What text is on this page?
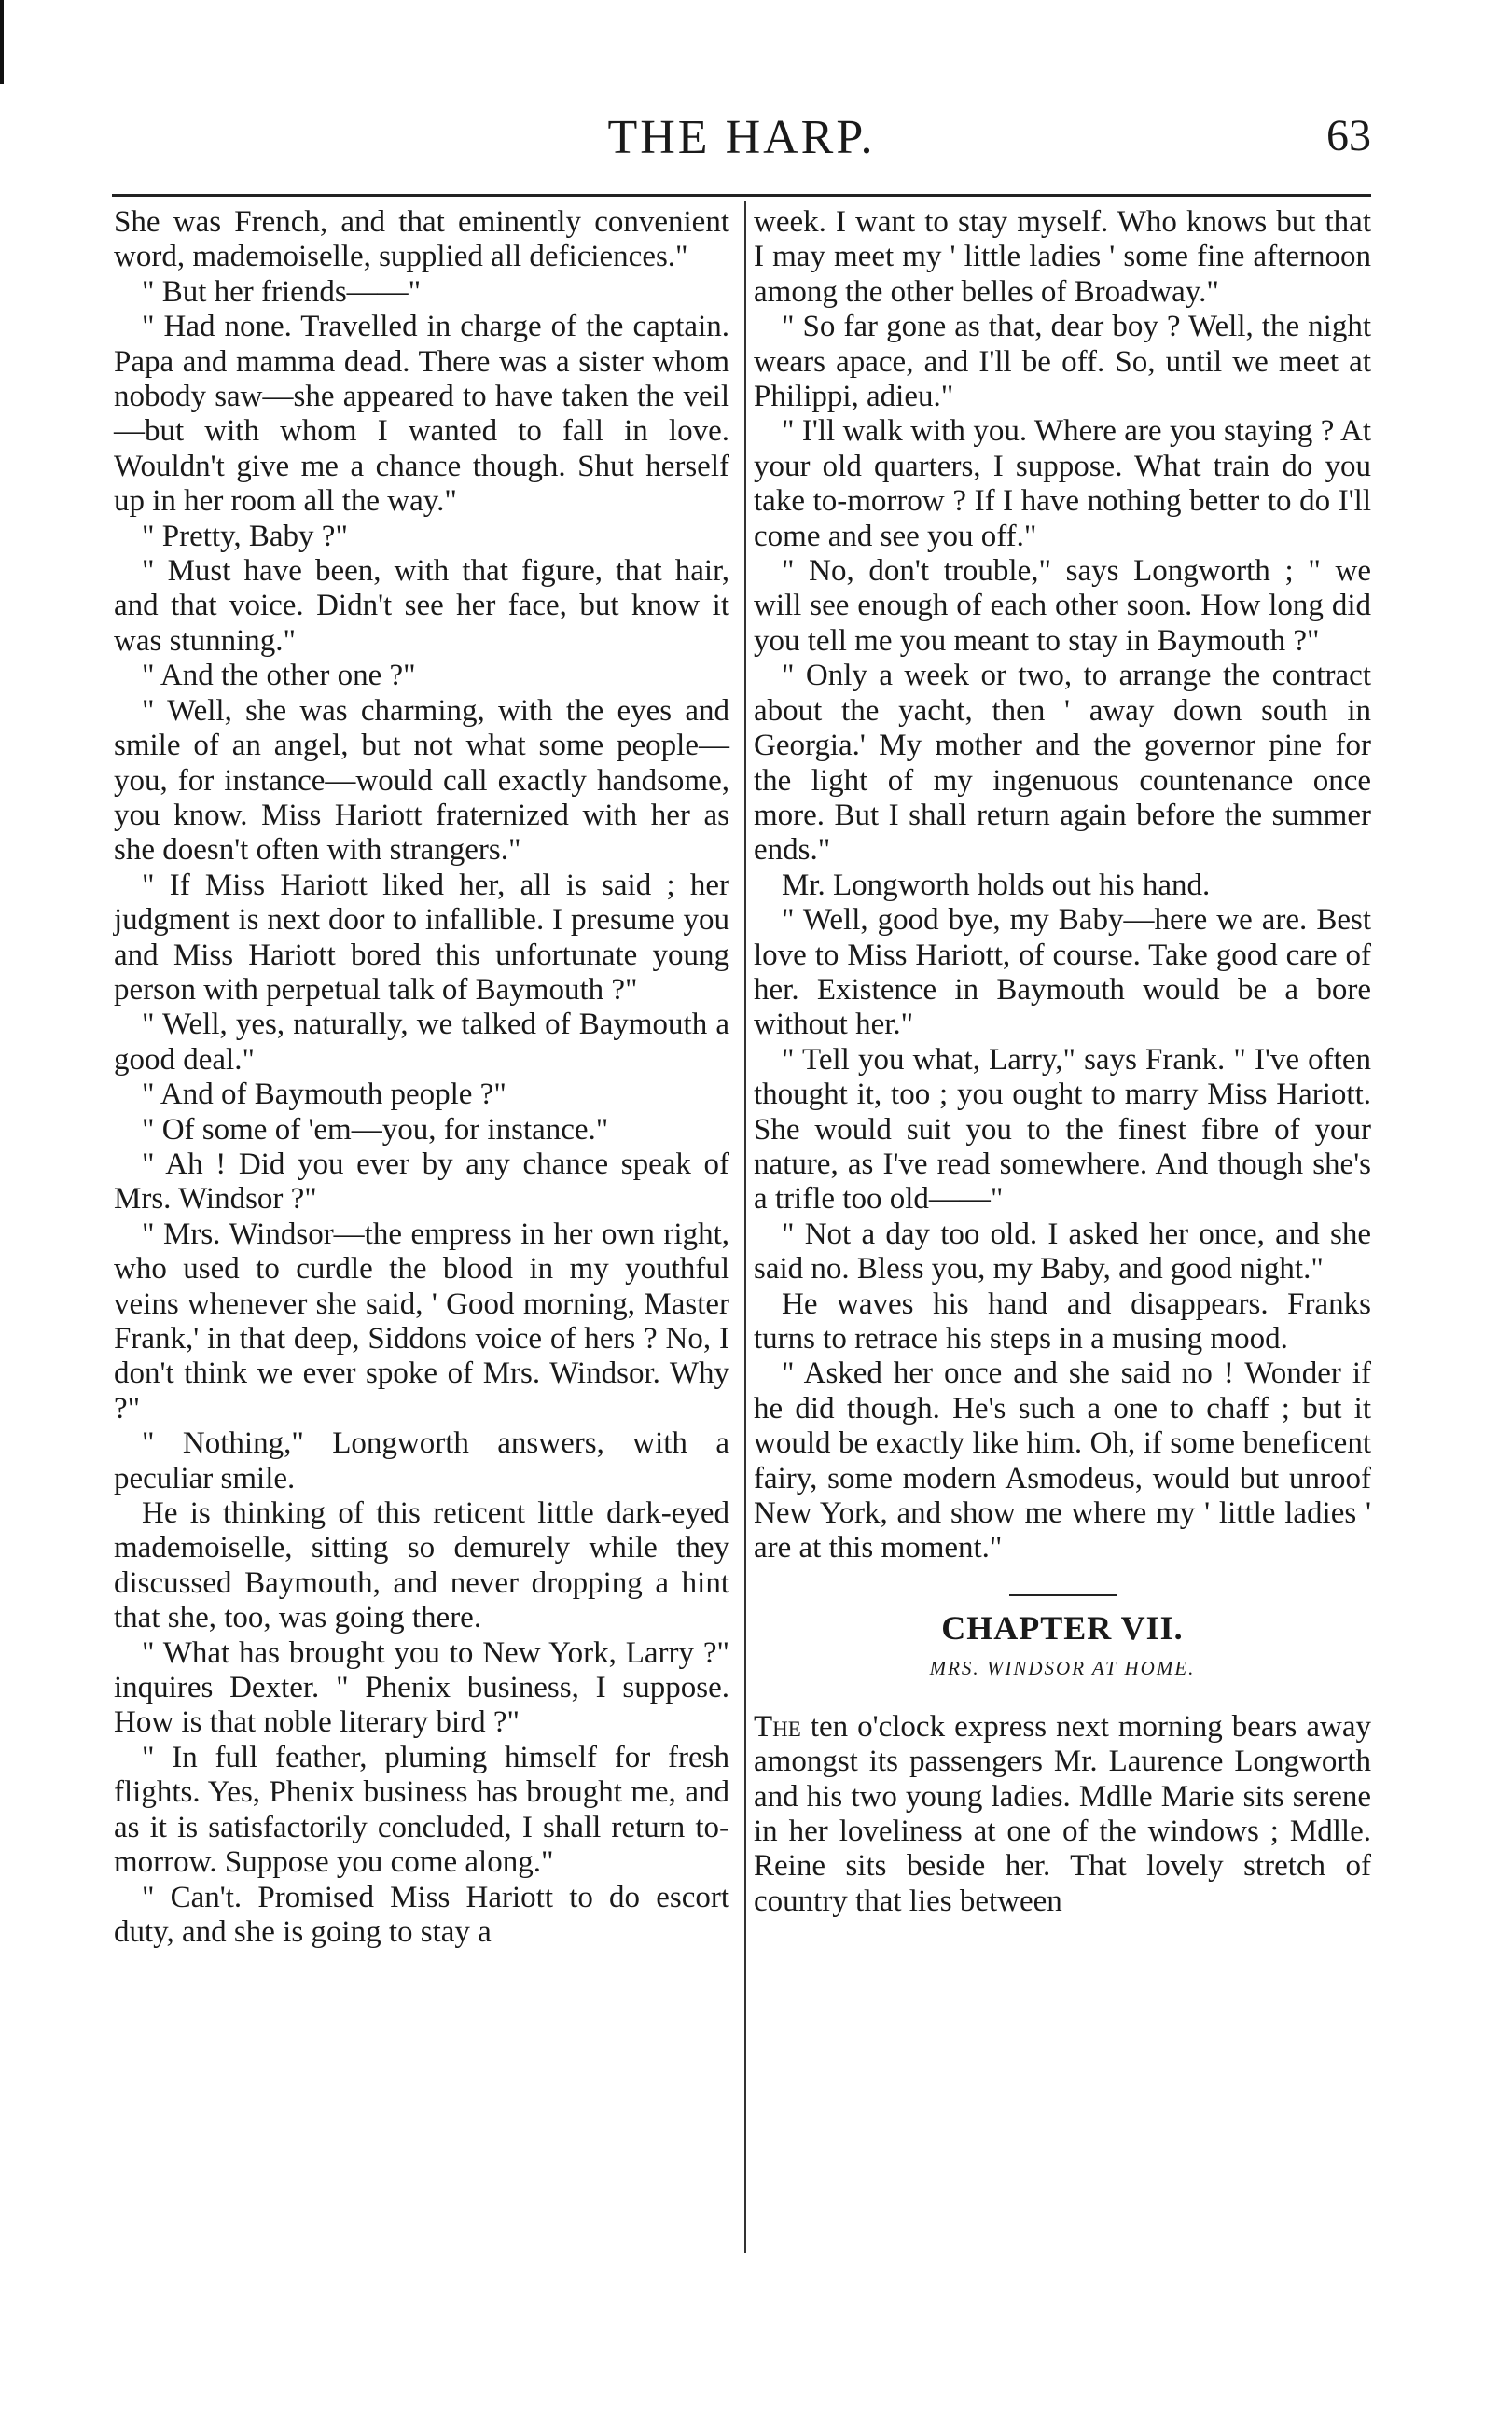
THE HARP.	63

She was French, and that eminently convenient word, mademoiselle, supplied all deficiences."

" But her friends——"

" Had none. Travelled in charge of the captain. Papa and mamma dead. There was a sister whom nobody saw—she appeared to have taken the veil—but with whom I wanted to fall in love. Wouldn't give me a chance though. Shut herself up in her room all the way."

" Pretty, Baby ?"

" Must have been, with that figure, that hair, and that voice. Didn't see her face, but know it was stunning."

" And the other one ?"

" Well, she was charming, with the eyes and smile of an angel, but not what some people—you, for instance—would call exactly handsome, you know. Miss Hariott fraternized with her as she doesn't often with strangers."

" If Miss Hariott liked her, all is said ; her judgment is next door to infallible. I presume you and Miss Hariott bored this unfortunate young person with perpetual talk of Baymouth ?"

" Well, yes, naturally, we talked of Baymouth a good deal."

" And of Baymouth people ?"

" Of some of 'em—you, for instance."

" Ah ! Did you ever by any chance speak of Mrs. Windsor ?"

" Mrs. Windsor—the empress in her own right, who used to curdle the blood in my youthful veins whenever she said, ' Good morning, Master Frank,' in that deep, Siddons voice of hers ? No, I don't think we ever spoke of Mrs. Windsor. Why ?"

" Nothing," Longworth answers, with a peculiar smile.

He is thinking of this reticent little dark-eyed mademoiselle, sitting so demurely while they discussed Baymouth, and never dropping a hint that she, too, was going there.

" What has brought you to New York, Larry ?" inquires Dexter. " Phenix business, I suppose. How is that noble literary bird ?"

" In full feather, pluming himself for fresh flights. Yes, Phenix business has brought me, and as it is satisfactorily concluded, I shall return to-morrow. Suppose you come along."

" Can't. Promised Miss Hariott to do escort duty, and she is going to stay a

week. I want to stay myself. Who knows but that I may meet my ' little ladies ' some fine afternoon among the other belles of Broadway."

" So far gone as that, dear boy ? Well, the night wears apace, and I'll be off. So, until we meet at Philippi, adieu."

" I'll walk with you. Where are you staying ? At your old quarters, I suppose. What train do you take to-morrow ? If I have nothing better to do I'll come and see you off."

" No, don't trouble," says Longworth ; " we will see enough of each other soon. How long did you tell me you meant to stay in Baymouth ?"

" Only a week or two, to arrange the contract about the yacht, then ' away down south in Georgia.' My mother and the governor pine for the light of my ingenuous countenance once more. But I shall return again before the summer ends."

Mr. Longworth holds out his hand.

" Well, good bye, my Baby—here we are. Best love to Miss Hariott, of course. Take good care of her. Existence in Baymouth would be a bore without her."

" Tell you what, Larry," says Frank. " I've often thought it, too ; you ought to marry Miss Hariott. She would suit you to the finest fibre of your nature, as I've read somewhere. And though she's a trifle too old——"

" Not a day too old. I asked her once, and she said no. Bless you, my Baby, and good night."

He waves his hand and disappears. Franks turns to retrace his steps in a musing mood.

" Asked her once and she said no ! Wonder if he did though. He's such a one to chaff ; but it would be exactly like him. Oh, if some beneficent fairy, some modern Asmodeus, would but unroof New York, and show me where my ' little ladies ' are at this moment."

CHAPTER VII.
MRS. WINDSOR AT HOME.

The ten o'clock express next morning bears away amongst its passengers Mr. Laurence Longworth and his two young ladies. Mdlle Marie sits serene in her loveliness at one of the windows ; Mdlle. Reine sits beside her. That lovely stretch of country that lies between
